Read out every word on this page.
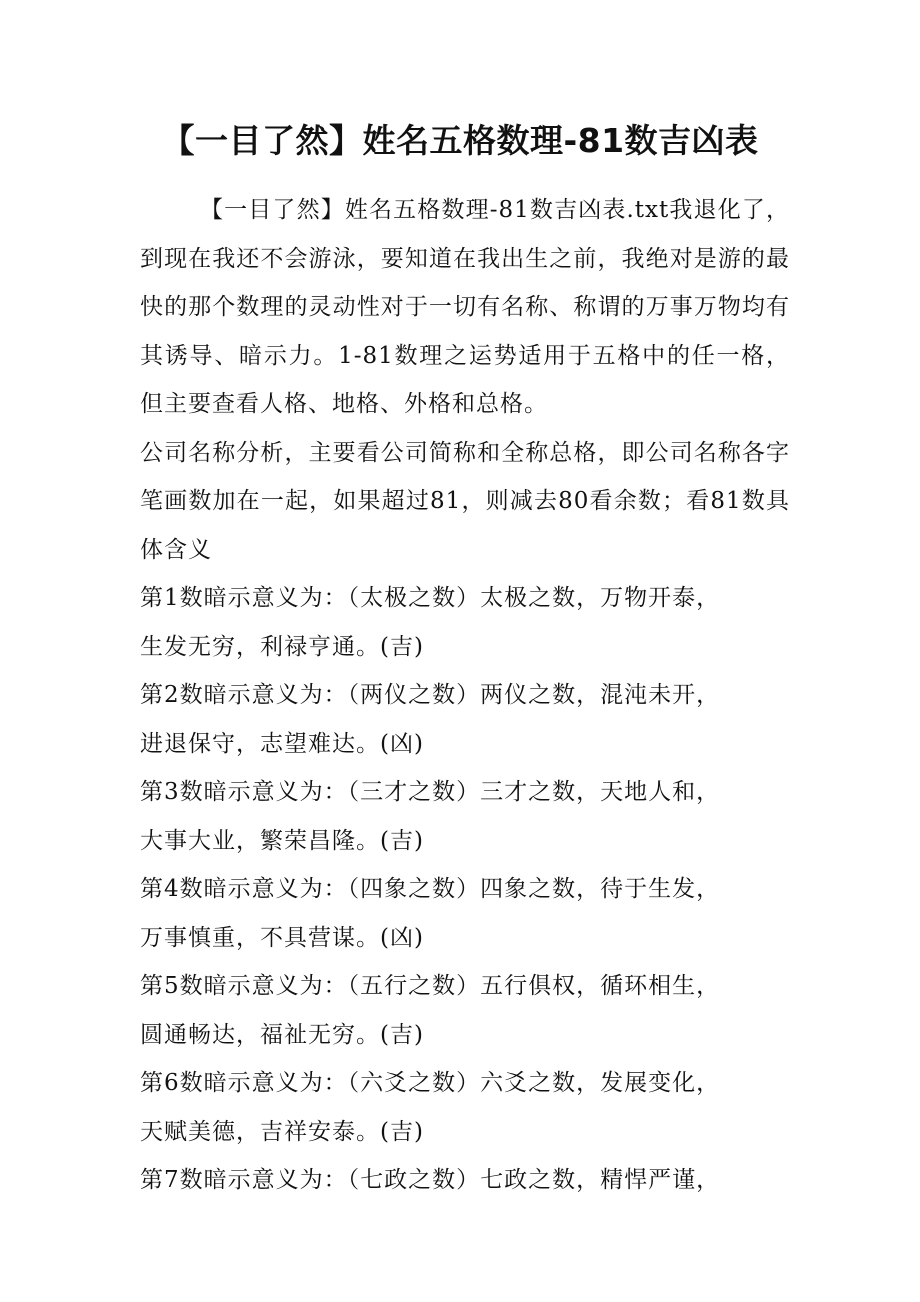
【一目了然】姓名五格数理-81数吉凶表

【一目了然】姓名五格数理-81数吉凶表.txt我退化了，到现在我还不会游泳，要知道在我出生之前，我绝对是游的最快的那个数理的灵动性对于一切有名称、称谓的万事万物均有其诱导、暗示力。1-81数理之运势适用于五格中的任一格，但主要查看人格、地格、外格和总格。

公司名称分析，主要看公司简称和全称总格，即公司名称各字笔画数加在一起，如果超过81，则减去80看余数；看81数具体含义

第1数暗示意义为：（太极之数）太极之数，万物开泰，
生发无穷，利禄亨通。(吉)
第2数暗示意义为：（两仪之数）两仪之数，混沌未开，
进退保守，志望难达。(凶)
第3数暗示意义为：（三才之数）三才之数，天地人和，
大事大业，繁荣昌隆。(吉)
第4数暗示意义为：（四象之数）四象之数，待于生发，
万事慎重，不具营谋。(凶)
第5数暗示意义为：（五行之数）五行俱权，循环相生，
圆通畅达，福祉无穷。(吉)
第6数暗示意义为：（六爻之数）六爻之数，发展变化，
天赋美德，吉祥安泰。(吉)
第7数暗示意义为：（七政之数）七政之数，精悍严谨，
